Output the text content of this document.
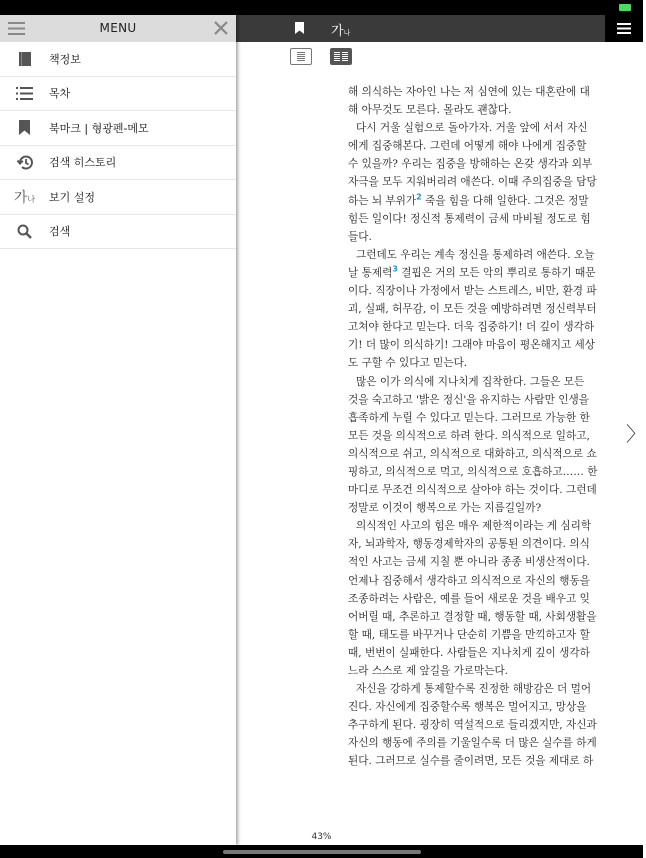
가나
해 의식하는 자아인 나는 저 심연에 있는 대혼란에 대
해 아무것도 모른다. 몰라도 괜찮다.
다시 거울 실험으로 돌아가자. 거울 앞에 서서 자신
에게 집중해본다. 그런데 어떻게 해야 나에게 집중할
수 있을까? 우리는 집중을 방해하는 온갖 생각과 외부
자극을 모두 지워버리려 애쓴다. 이때 주의집중을 담당
하는 뇌 부위가$^2$ 죽을 힘을 다해 일한다. 그것은 정말
힘든 일이다! 정신적 통제력이 금세 마비될 정도로 힘
들다.
그런데도 우리는 계속 정신을 통제하려 애쓴다. 오늘
날 통제력$^3$ 결핍은 거의 모든 악의 뿌리로 통하기 때문
이다. 직장이나 가정에서 받는 스트레스, 비만, 환경 파
괴, 실패, 허무감, 이 모든 것을 예방하려면 정신력부터
고쳐야 한다고 믿는다. 더욱 집중하기! 더 깊이 생각하
기! 더 많이 의식하기! 그래야 마음이 평온해지고 세상
도 구할 수 있다고 믿는다.
많은 이가 의식에 지나치게 집착한다. 그들은 모든
것을 숙고하고 '밝은 정신'을 유지하는 사람만 인생을
흡족하게 누릴 수 있다고 믿는다. 그러므로 가능한 한
모든 것을 의식적으로 하려 한다. 의식적으로 일하고,
의식적으로 쉬고, 의식적으로 대화하고, 의식적으로 쇼
핑하고, 의식적으로 먹고, 의식적으로 호흡하고…… 한
마디로 무조건 의식적으로 살아야 하는 것이다. 그런데
정말로 이것이 행복으로 가는 지름길일까?
의식적인 사고의 힘은 매우 제한적이라는 게 심리학
자, 뇌과학자, 행동경제학자의 공통된 의견이다. 의식
적인 사고는 금세 지칠 뿐 아니라 종종 비생산적이다.
언제나 집중해서 생각하고 의식적으로 자신의 행동을
조종하려는 사람은, 예를 들어 새로운 것을 배우고 잊
어버릴 때, 추론하고 결정할 때, 행동할 때, 사회생활을
할 때, 태도를 바꾸거나 단순히 기쁨을 만끽하고자 할
때, 번번이 실패한다. 사람들은 지나치게 깊이 생각하
느라 스스로 제 앞길을 가로막는다.
자신을 강하게 통제할수록 진정한 해방감은 더 멀어
진다. 자신에게 집중할수록 행복은 멀어지고, 망상을
추구하게 된다. 굉장히 역설적으로 들리겠지만, 자신과
자신의 행동에 주의를 기울일수록 더 많은 실수를 하게
된다. 그러므로 실수를 줄이려면, 모든 것을 제대로 하
〉
43%
MENU
책정보
목차
북마크 | 형광펜-메모
검색 히스토리
가나 보기 설정
검색
